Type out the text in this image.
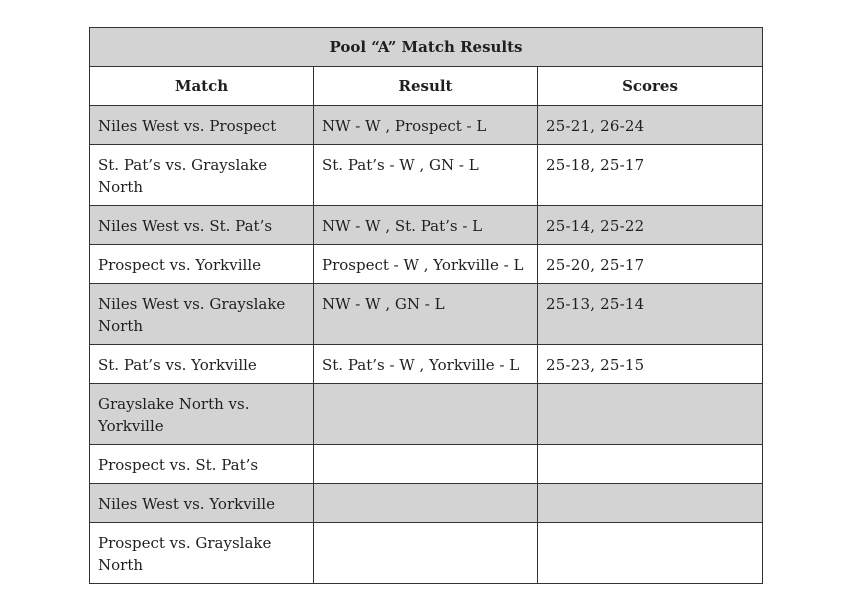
Pool “A” Match Results		
Match	Result	Scores
Niles West vs. Prospect	NW - W , Prospect - L	25-21, 26-24
St. Pat’s vs. Grayslake North	St. Pat’s - W , GN - L	25-18, 25-17
Niles West vs. St. Pat’s	NW - W , St. Pat’s - L	25-14, 25-22
Prospect vs. Yorkville	Prospect - W , Yorkville - L	25-20, 25-17
Niles West vs. Grayslake North	NW - W , GN - L	25-13, 25-14
St. Pat’s vs. Yorkville	St. Pat’s - W , Yorkville - L	25-23, 25-15
Grayslake North vs. Yorkville		
Prospect vs. St. Pat’s		
Niles West vs. Yorkville		
Prospect vs. Grayslake North		
